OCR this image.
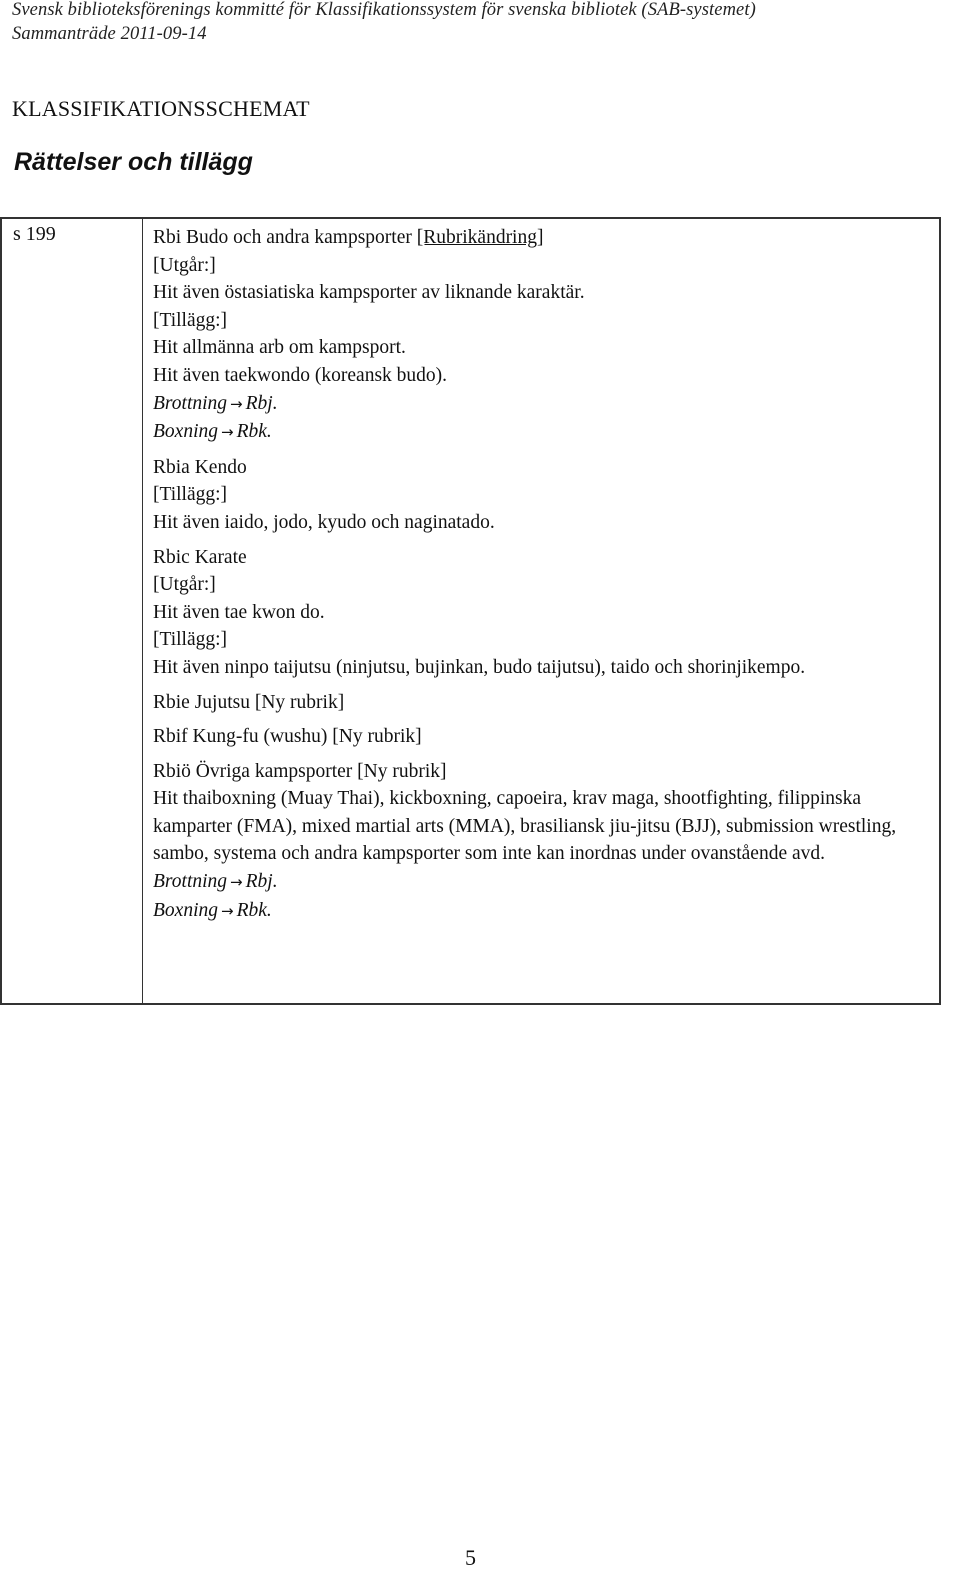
Svensk biblioteksförenings kommitté för Klassifikationssystem för svenska bibliotek (SAB-systemet)
Sammanträde 2011-09-14
KLASSIFIKATIONSSCHEMAT
Rättelser och tillägg
s 199	Rbi Budo och andra kampsporter [Rubrikändring]
[Utgår:]
Hit även östasiatiska kampsporter av liknande karaktär.
[Tillägg:]
Hit allmänna arb om kampsport.
Hit även taekwondo (koreansk budo).
Brottning → Rbj.
Boxning → Rbk.
Rbia Kendo
[Tillägg:]
Hit även iaido, jodo, kyudo och naginatado.
Rbic Karate
[Utgår:]
Hit även tae kwon do.
[Tillägg:]
Hit även ninpo taijutsu (ninjutsu, bujinkan, budo taijutsu), taido och shorinjikempo.
Rbie Jujutsu [Ny rubrik]
Rbif Kung-fu (wushu) [Ny rubrik]
Rbiö Övriga kampsporter [Ny rubrik]
Hit thaiboxning (Muay Thai), kickboxning, capoeira, krav maga, shootfighting, filippinska kamparter (FMA), mixed martial arts (MMA), brasiliansk jiu-jitsu (BJJ), submission wrestling, sambo, systema och andra kampsporter som inte kan inordnas under ovanstående avd.
Brottning → Rbj.
Boxning → Rbk.
5
